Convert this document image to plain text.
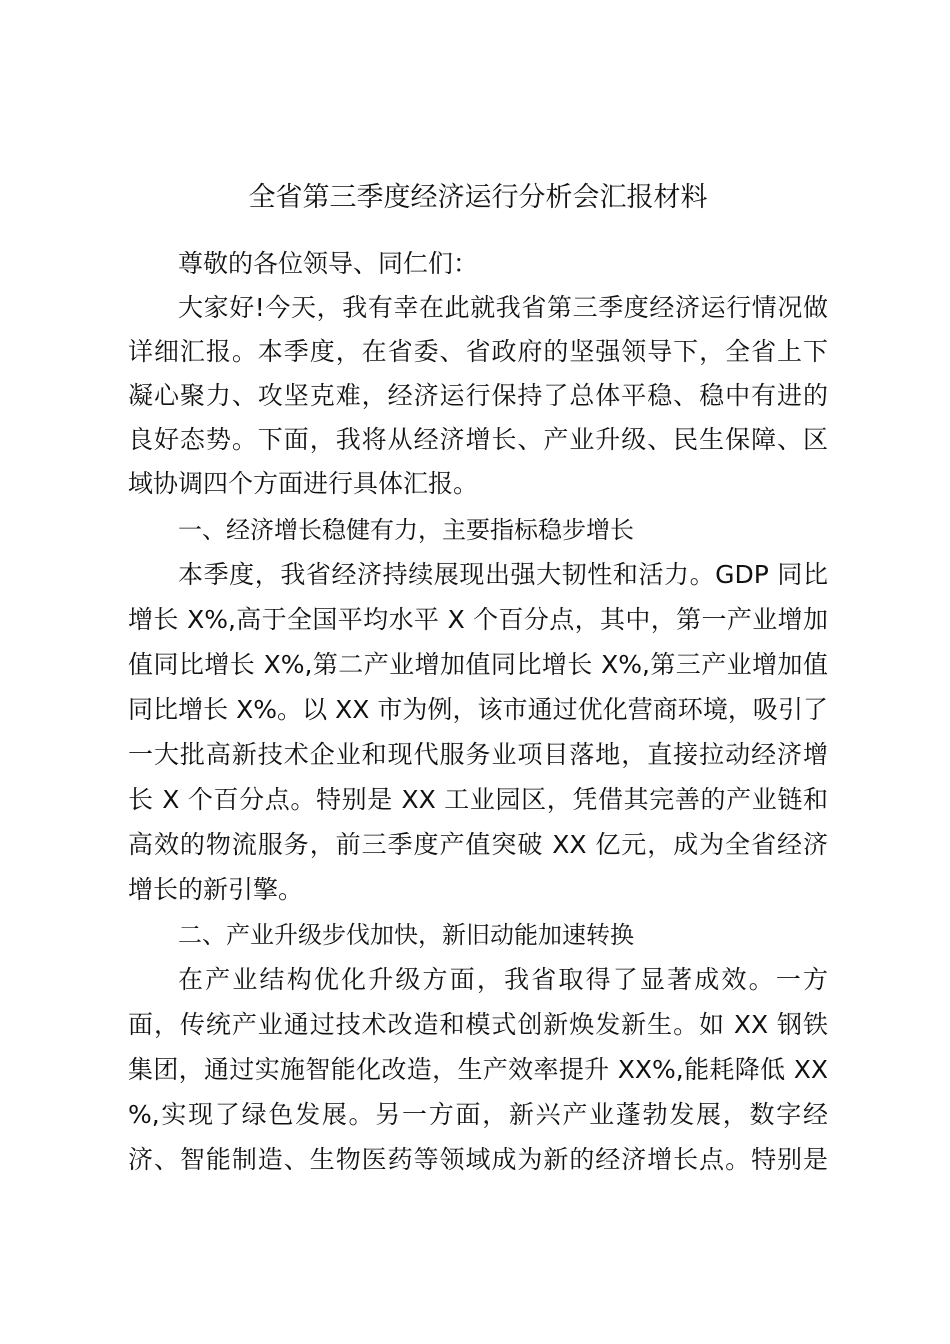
全省第三季度经济运行分析会汇报材料
尊敬的各位领导、同仁们：
大家好!今天，我有幸在此就我省第三季度经济运行情况做
详细汇报。本季度，在省委、省政府的坚强领导下，全省上下
凝心聚力、攻坚克难，经济运行保持了总体平稳、稳中有进的
良好态势。下面，我将从经济增长、产业升级、民生保障、区
域协调四个方面进行具体汇报。
一、经济增长稳健有力，主要指标稳步增长
本季度，我省经济持续展现出强大韧性和活力。GDP 同比
增长 X%,高于全国平均水平 X 个百分点，其中，第一产业增加
值同比增长 X%,第二产业增加值同比增长 X%,第三产业增加值
同比增长 X%。以 XX 市为例，该市通过优化营商环境，吸引了
一大批高新技术企业和现代服务业项目落地，直接拉动经济增
长 X 个百分点。特别是 XX 工业园区，凭借其完善的产业链和
高效的物流服务，前三季度产值突破 XX 亿元，成为全省经济
增长的新引擎。
二、产业升级步伐加快，新旧动能加速转换
在产业结构优化升级方面，我省取得了显著成效。一方
面，传统产业通过技术改造和模式创新焕发新生。如 XX 钢铁
集团，通过实施智能化改造，生产效率提升 XX%,能耗降低 XX
%,实现了绿色发展。另一方面，新兴产业蓬勃发展，数字经
济、智能制造、生物医药等领域成为新的经济增长点。特别是
